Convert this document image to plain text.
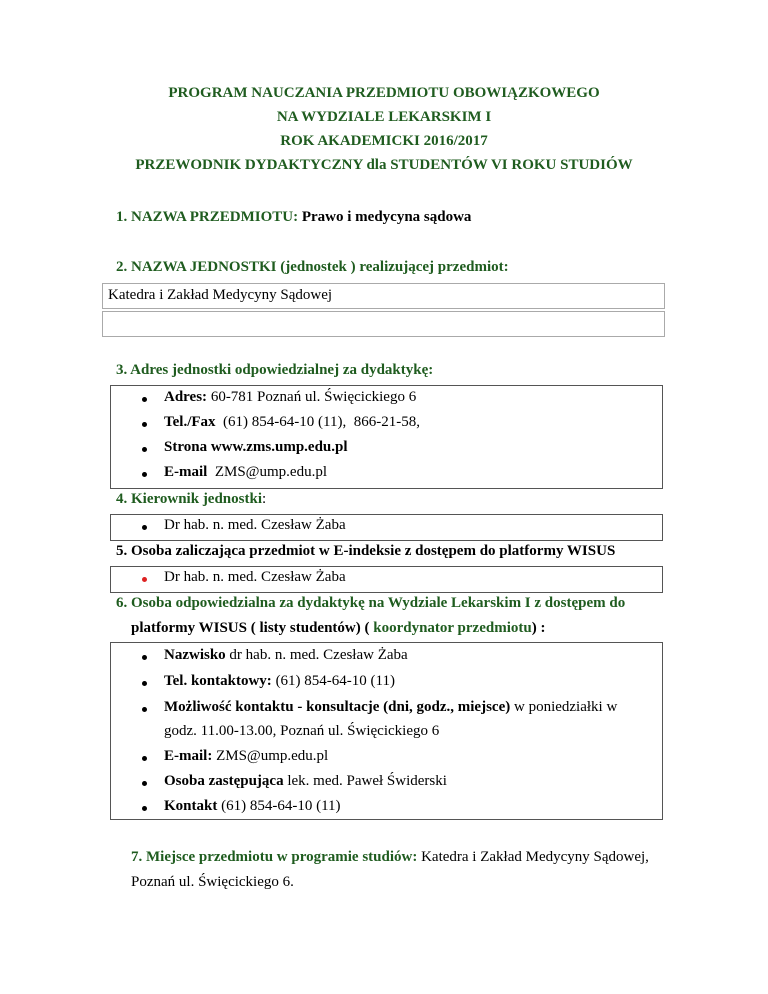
PROGRAM NAUCZANIA PRZEDMIOTU OBOWIĄZKOWEGO
NA WYDZIALE LEKARSKIM I
ROK AKADEMICKI 2016/2017
PRZEWODNIK DYDAKTYCZNY dla STUDENTÓW VI ROKU STUDIÓW
1. NAZWA PRZEDMIOTU: Prawo i medycyna sądowa
2. NAZWA JEDNOSTKI (jednostek ) realizującej przedmiot:
Katedra i Zakład Medycyny Sądowej
3. Adres jednostki odpowiedzialnej za dydaktykę:
Adres: 60-781 Poznań ul. Święcickiego 6
Tel./Fax  (61) 854-64-10 (11),  866-21-58,
Strona www.zms.ump.edu.pl
E-mail  ZMS@ump.edu.pl
4. Kierownik jednostki:
Dr hab. n. med. Czesław Żaba
5. Osoba zaliczająca przedmiot w E-indeksie z dostępem do platformy WISUS
Dr hab. n. med. Czesław Żaba
6. Osoba odpowiedzialna za dydaktykę na Wydziale Lekarskim I z dostępem do
platformy WISUS ( listy studentów) ( koordynator przedmiotu) :
Nazwisko dr hab. n. med. Czesław Żaba
Tel. kontaktowy: (61) 854-64-10 (11)
Możliwość kontaktu - konsultacje (dni, godz., miejsce) w poniedziałki w
godz. 11.00-13.00, Poznań ul. Święcickiego 6
E-mail: ZMS@ump.edu.pl
Osoba zastępująca lek. med. Paweł Świderski
Kontakt (61) 854-64-10 (11)
7. Miejsce przedmiotu w programie studiów: Katedra i Zakład Medycyny Sądowej,
Poznań ul. Święcickiego 6.
